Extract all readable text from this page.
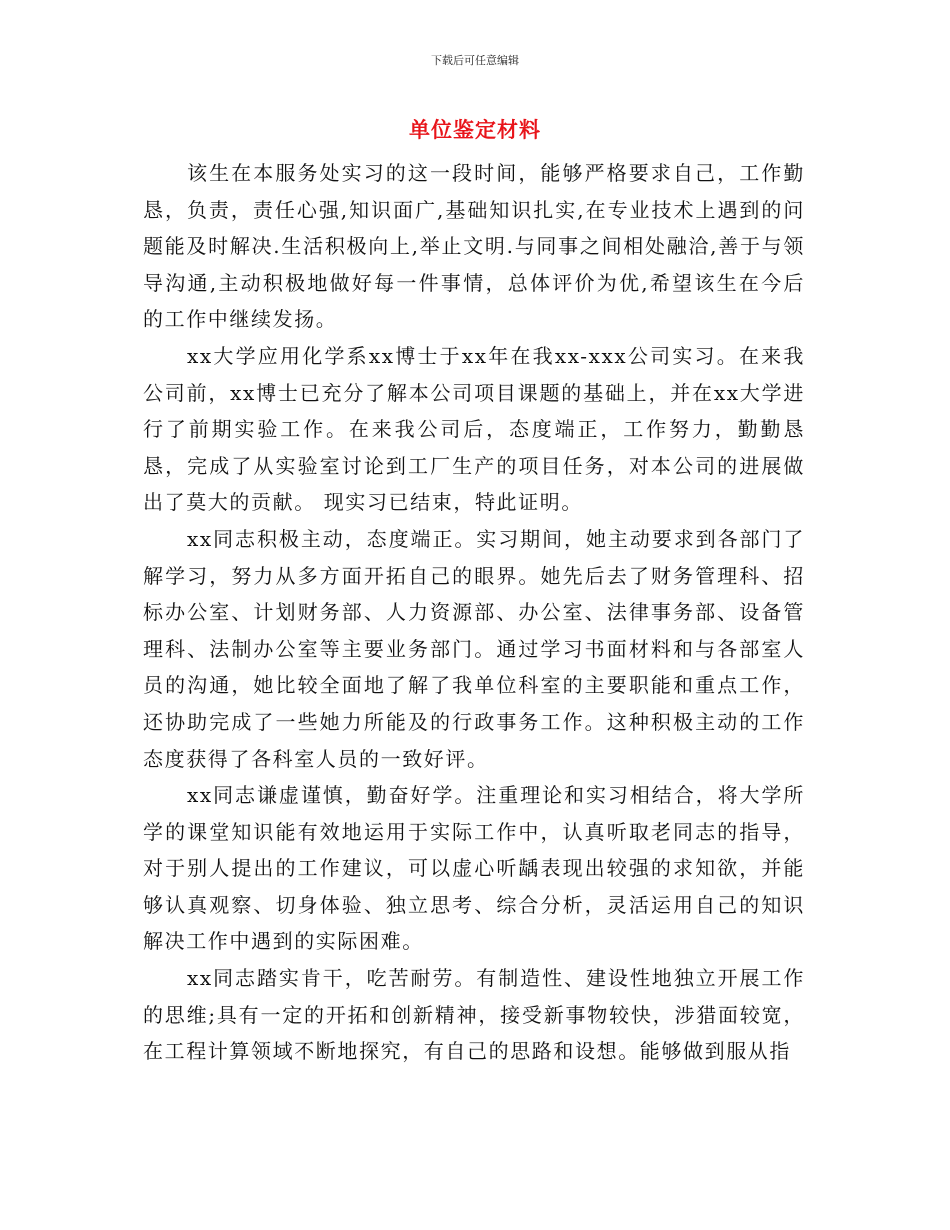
下载后可任意编辑
单位鉴定材料

该生在本服务处实习的这一段时间，能够严格要求自己，工作勤恳，负责，责任心强,知识面广,基础知识扎实,在专业技术上遇到的问题能及时解决.生活积极向上,举止文明.与同事之间相处融洽,善于与领导沟通,主动积极地做好每一件事情，总体评价为优,希望该生在今后的工作中继续发扬。

xx大学应用化学系xx博士于xx年在我xx-xxx公司实习。在来我公司前，xx博士已充分了解本公司项目课题的基础上，并在xx大学进行了前期实验工作。在来我公司后，态度端正，工作努力，勤勤恳恳，完成了从实验室讨论到工厂生产的项目任务，对本公司的进展做出了莫大的贡献。 现实习已结束，特此证明。

xx同志积极主动，态度端正。实习期间，她主动要求到各部门了解学习，努力从多方面开拓自己的眼界。她先后去了财务管理科、招标办公室、计划财务部、人力资源部、办公室、法律事务部、设备管理科、法制办公室等主要业务部门。通过学习书面材料和与各部室人员的沟通，她比较全面地了解了我单位科室的主要职能和重点工作，还协助完成了一些她力所能及的行政事务工作。这种积极主动的工作态度获得了各科室人员的一致好评。

xx同志谦虚谨慎，勤奋好学。注重理论和实习相结合，将大学所学的课堂知识能有效地运用于实际工作中，认真听取老同志的指导，对于别人提出的工作建议，可以虚心听龋表现出较强的求知欲，并能够认真观察、切身体验、独立思考、综合分析，灵活运用自己的知识解决工作中遇到的实际困难。

xx同志踏实肯干，吃苦耐劳。有制造性、建设性地独立开展工作的思维;具有一定的开拓和创新精神，接受新事物较快，涉猎面较宽，在工程计算领域不断地探究，有自己的思路和设想。能够做到服从指
